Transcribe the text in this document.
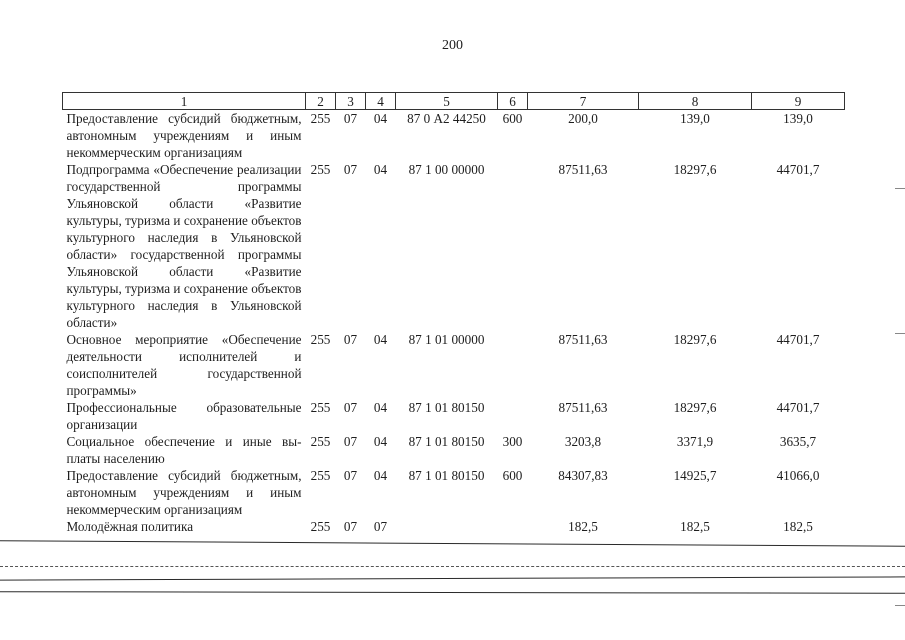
200
1	2	3	4	5	6	7	8	9
Предоставление субсидий бюджетным, автономным учреждениям и иным некоммерческим организациям	255	07	04	87 0 А2 44250	600	200,0	139,0	139,0
Подпрограмма «Обеспечение реализации государственной программы Ульяновской области «Развитие культуры, туризма и сохранение объектов культурного наследия в Ульяновской области» государственной программы Ульяновской области «Развитие культуры, туризма и сохранение объектов культурного наследия в Ульяновской области»	255	07	04	87 1 00 00000		87511,63	18297,6	44701,7
Основное мероприятие «Обеспечение деятельности исполнителей и соисполнителей государственной программы»	255	07	04	87 1 01 00000		87511,63	18297,6	44701,7
Профессиональные образовательные организации	255	07	04	87 1 01 80150		87511,63	18297,6	44701,7
Социальное обеспечение и иные выплаты населению	255	07	04	87 1 01 80150	300	3203,8	3371,9	3635,7
Предоставление субсидий бюджетным, автономным учреждениям и иным некоммерческим организациям	255	07	04	87 1 01 80150	600	84307,83	14925,7	41066,0
Молодёжная политика	255	07	07			182,5	182,5	182,5
